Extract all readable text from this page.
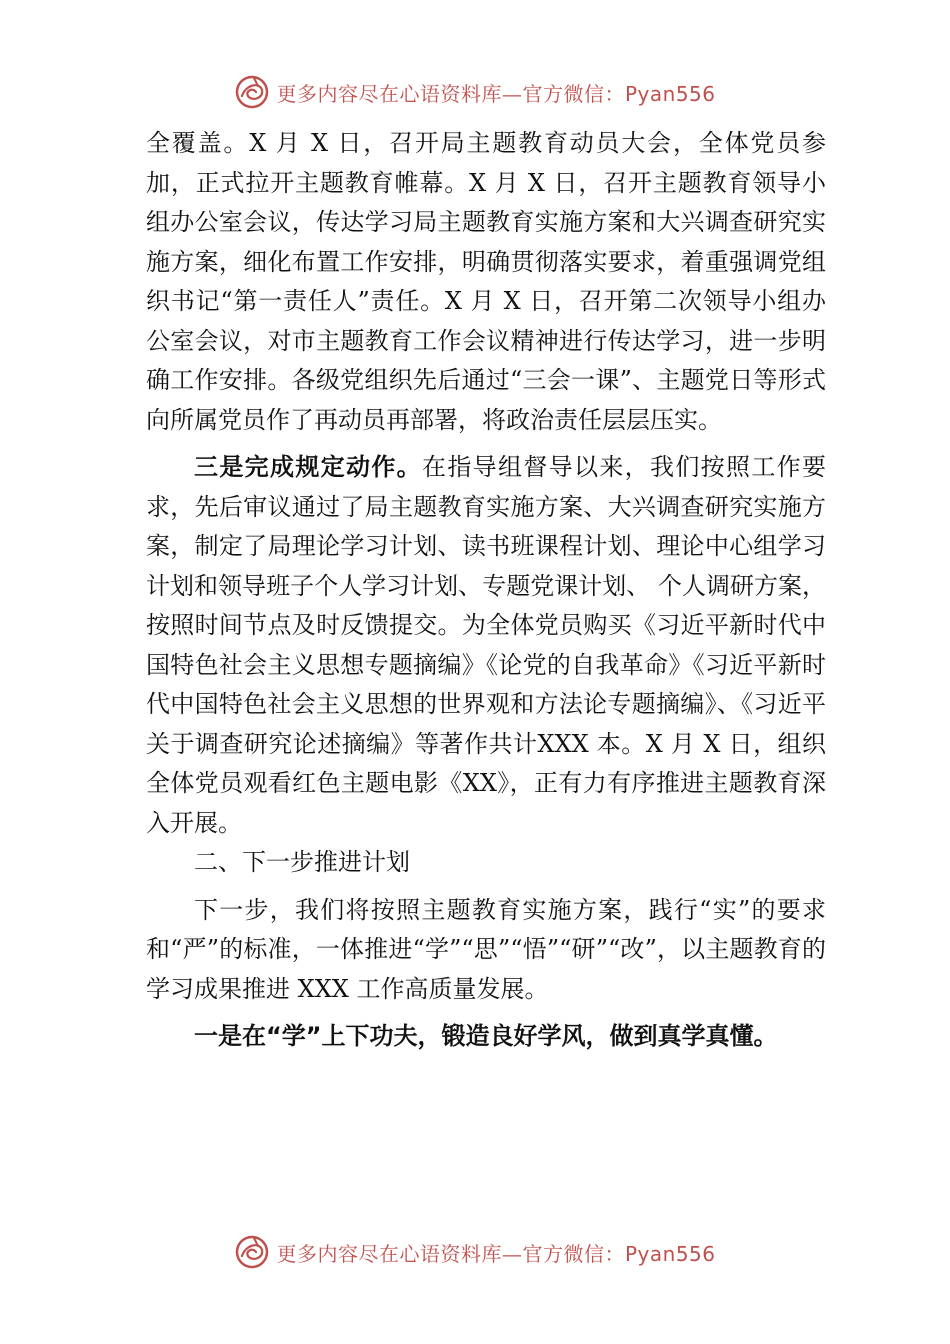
更多内容尽在心语资料库—官方微信：Pyan556

全覆盖。X 月 X 日，召开局主题教育动员大会，全体党员参加，正式拉开主题教育帷幕。X 月 X 日，召开主题教育领导小组办公室会议，传达学习局主题教育实施方案和大兴调查研究实施方案，细化布置工作安排，明确贯彻落实要求，着重强调党组织书记“第一责任人”责任。X 月 X 日，召开第二次领导小组办公室会议，对市主题教育工作会议精神进行传达学习，进一步明确工作安排。各级党组织先后通过“三会一课”、主题党日等形式向所属党员作了再动员再部署，将政治责任层层压实。

三是完成规定动作。在指导组督导以来，我们按照工作要求，先后审议通过了局主题教育实施方案、大兴调查研究实施方案，制定了局理论学习计划、读书班课程计划、理论中心组学习计划和领导班子个人学习计划、专题党课计划、 个人调研方案，按照时间节点及时反馈提交。为全体党员购买《习近平新时代中国特色社会主义思想专题摘编》《论党的自我革命》《习近平新时代中国特色社会主义思想的世界观和方法论专题摘编》、《习近平关于调查研究论述摘编》等著作共计XXX 本。X 月 X 日，组织全体党员观看红色主题电影《XX》，正有力有序推进主题教育深入开展。

二、下一步推进计划

下一步，我们将按照主题教育实施方案，践行“实”的要求和“严”的标准，一体推进“学”“思”“悟”“研”“改”，以主题教育的学习成果推进 XXX 工作高质量发展。

一是在“学”上下功夫，锻造良好学风，做到真学真懂。

更多内容尽在心语资料库—官方微信：Pyan556
